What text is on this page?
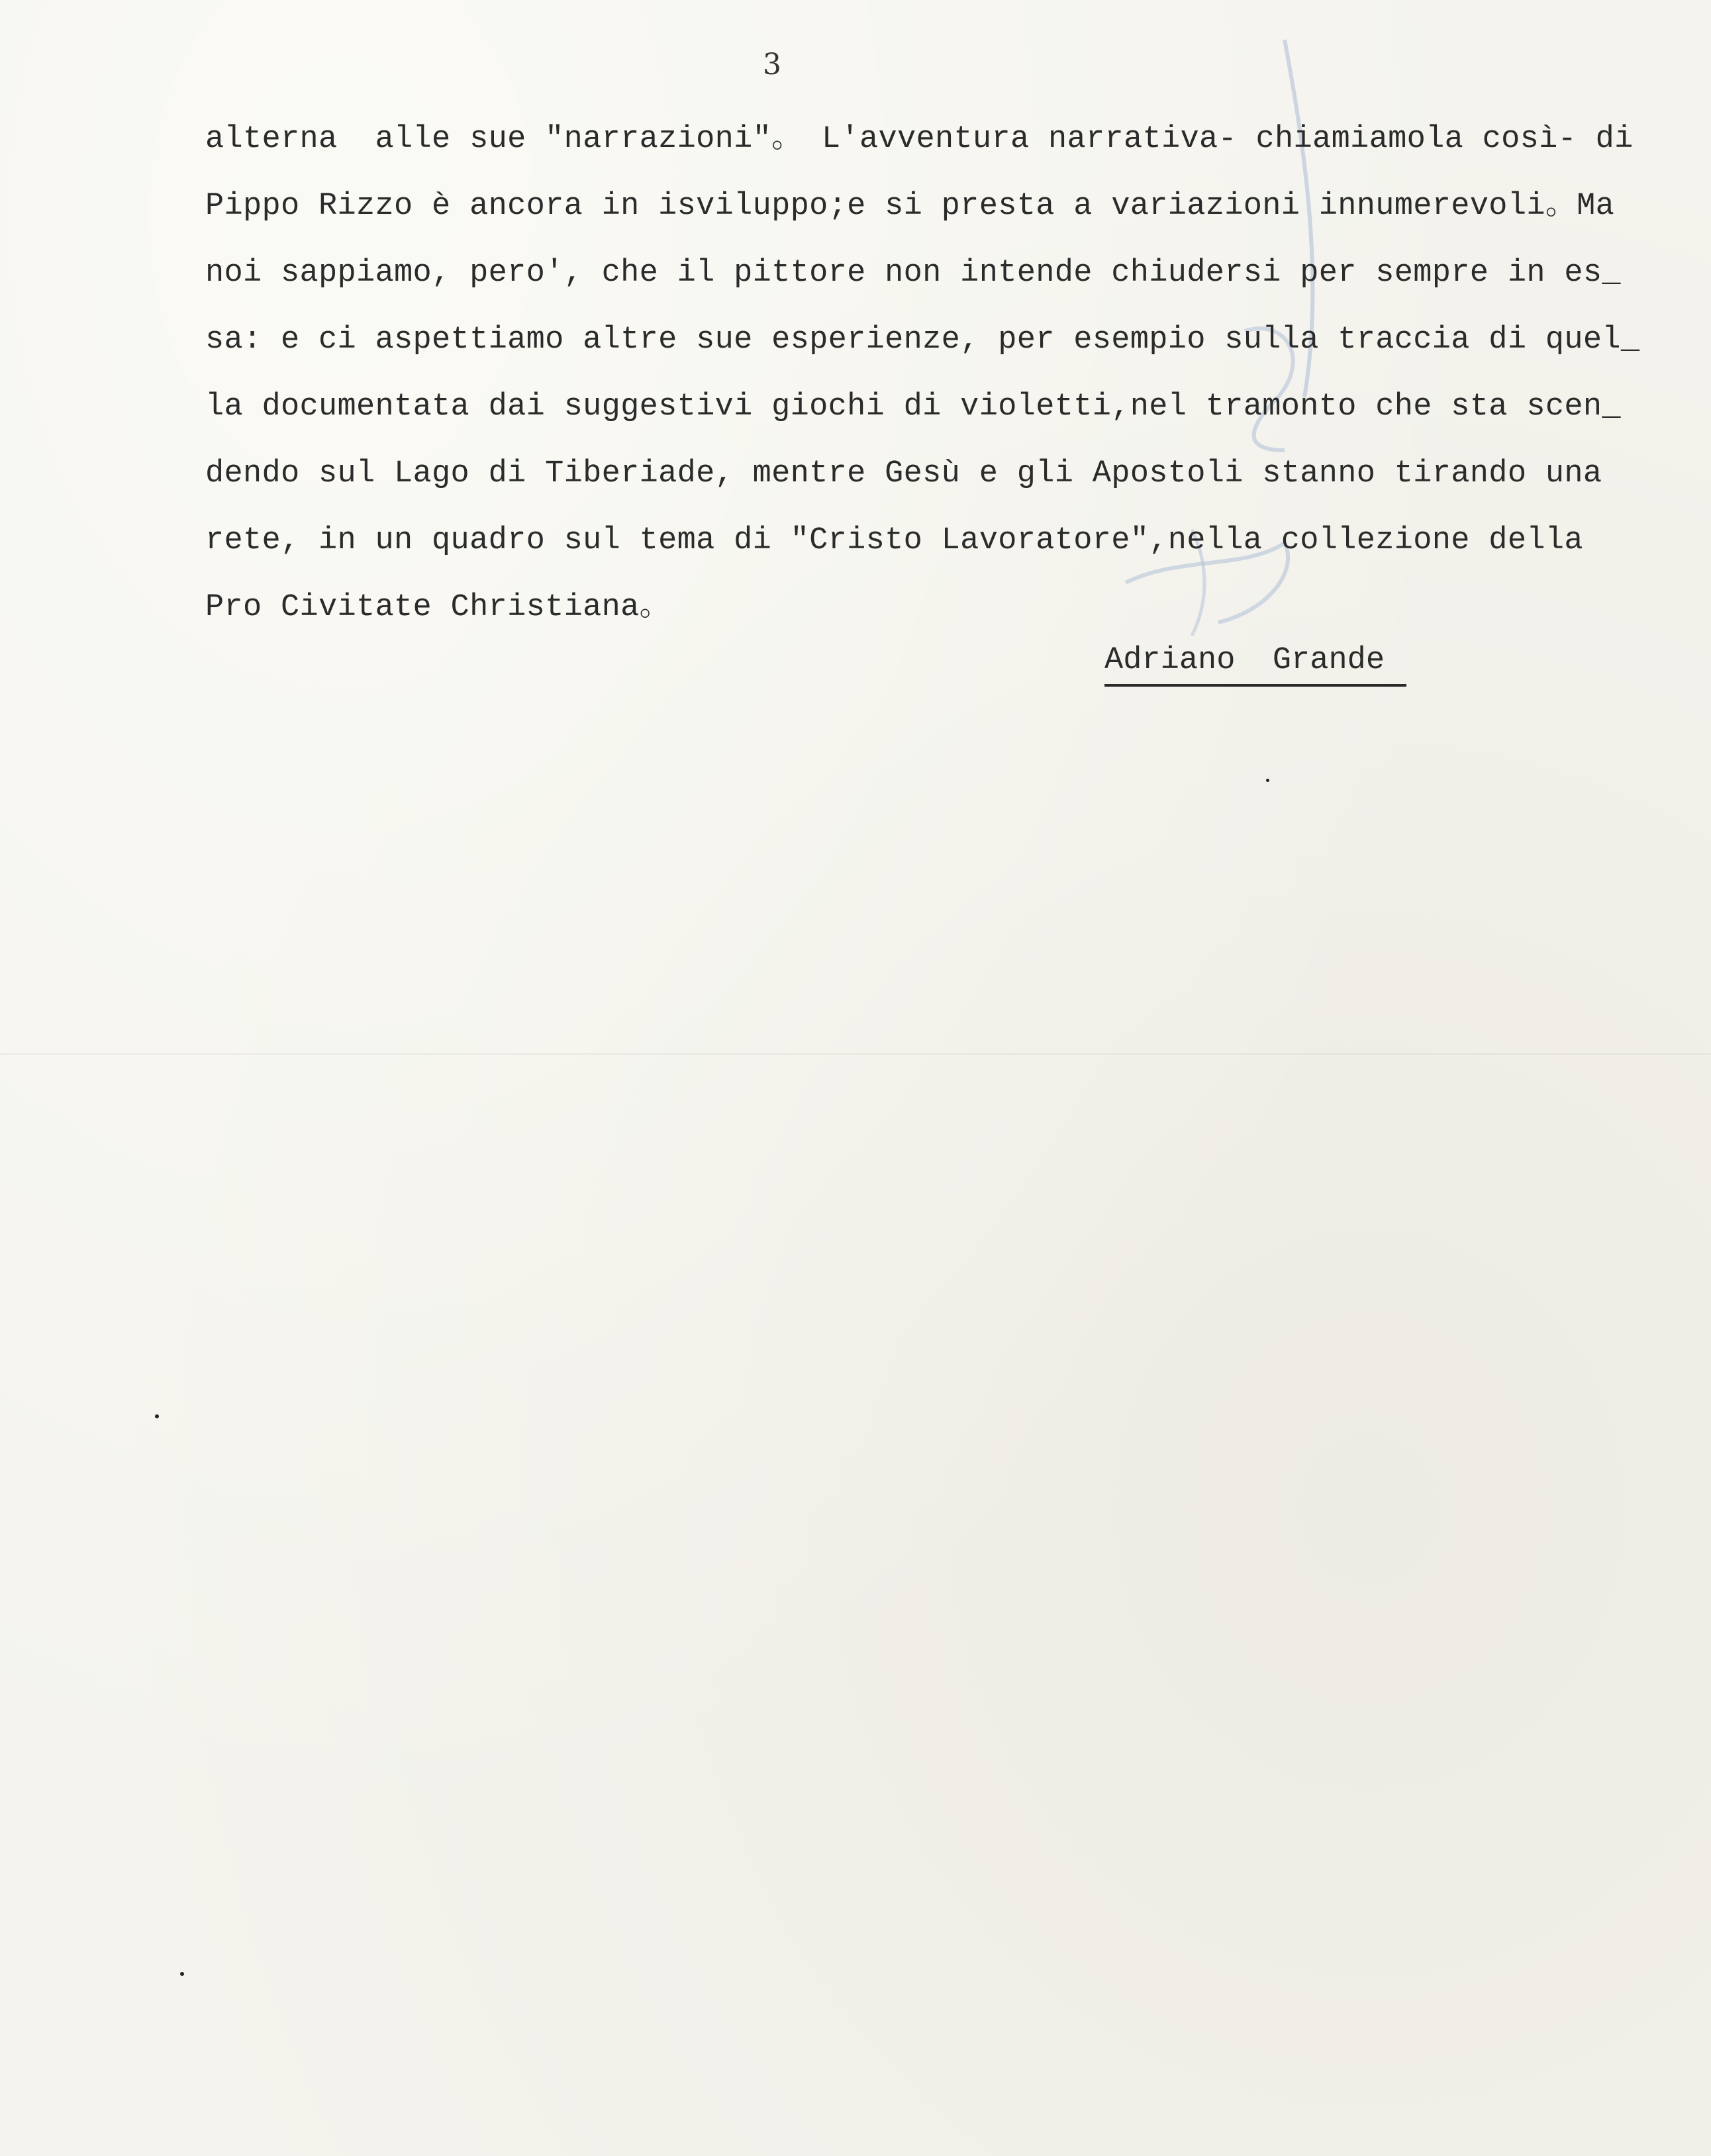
3
alterna  alle sue "narrazioni"。 L'avventura narrativa- chiamiamola così- di
Pippo Rizzo è ancora in isviluppo;e si presta a variazioni innumerevoli。Ma
noi sappiamo, pero', che il pittore non intende chiudersi per sempre in es_
sa: e ci aspettiamo altre sue esperienze, per esempio sulla traccia di quel_
la documentata dai suggestivi giochi di violetti,nel tramonto che sta scen_
dendo sul Lago di Tiberiade, mentre Gesù e gli Apostoli stanno tirando una
rete, in un quadro sul tema di "Cristo Lavoratore",nella collezione della
Pro Civitate Christiana。
Adriano  Grande
